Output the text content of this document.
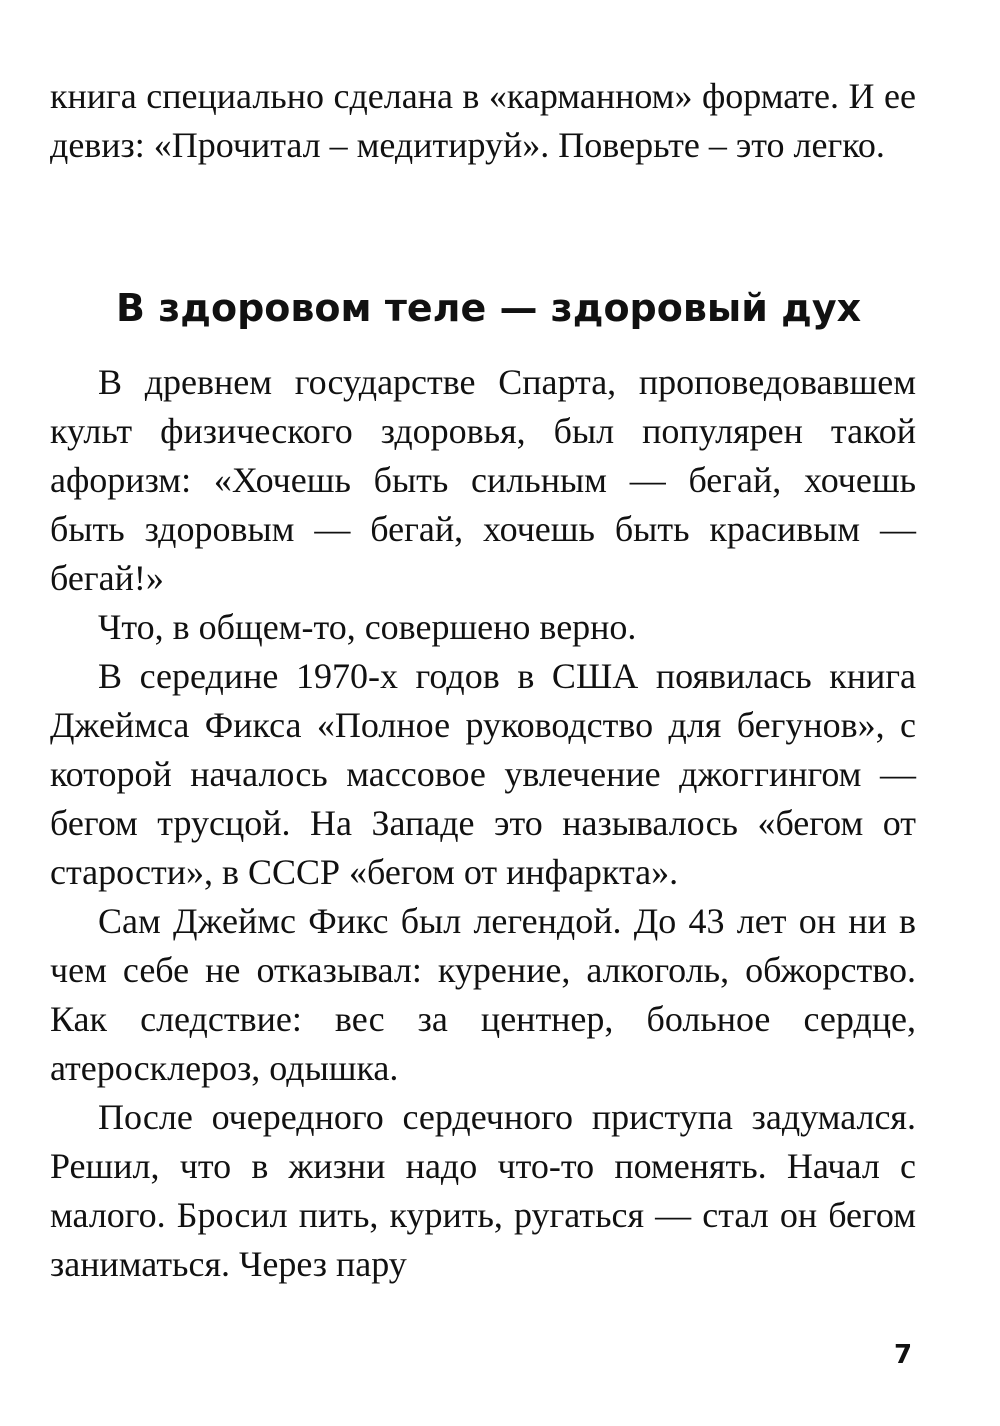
книга специально сделана в «карманном» формате. И ее девиз: «Прочитал – медитируй». Поверьте – это легко.

В здоровом теле — здоровый дух

В древнем государстве Спарта, проповедовавшем культ физического здоровья, был популярен такой афоризм: «Хочешь быть сильным — бегай, хочешь быть здоровым — бегай, хочешь быть красивым — бегай!»

Что, в общем-то, совершено верно.

В середине 1970-х годов в США появилась книга Джеймса Фикса «Полное руководство для бегунов», с которой началось массовое увлечение джоггингом — бегом трусцой. На Западе это называлось «бегом от старости», в СССР «бегом от инфаркта».

Сам Джеймс Фикс был легендой. До 43 лет он ни в чем себе не отказывал: курение, алкоголь, обжорство. Как следствие: вес за центнер, больное сердце, атеросклероз, одышка.

После очередного сердечного приступа задумался. Решил, что в жизни надо что-то поменять. Начал с малого. Бросил пить, курить, ругаться — стал он бегом заниматься. Через пару

7
